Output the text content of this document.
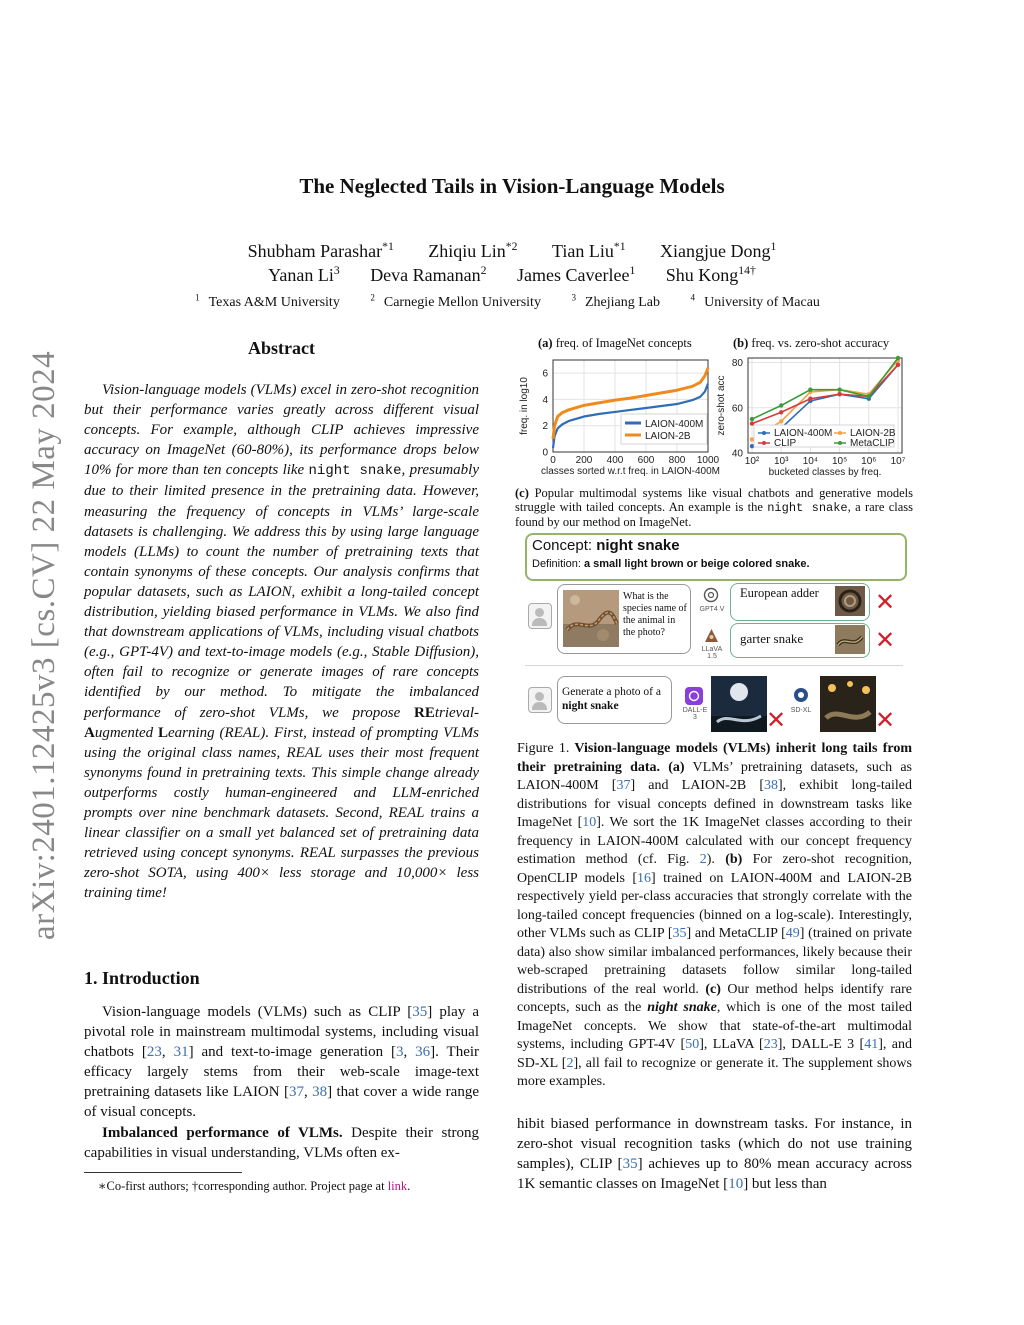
The Neglected Tails in Vision-Language Models
Shubham Parashar$^{*1}$ Zhiqiu Lin$^{*2}$ Tian Liu$^{*1}$ Xiangjue Dong$^1$
Yanan Li$^3$ Deva Ramanan$^2$ James Caverlee$^1$ Shu Kong$^{14\dagger}$
$^1$ Texas A&M University	$^2$ Carnegie Mellon University	$^3$ Zhejiang Lab	$^4$ University of Macau
arXiv:2401.12425v3 [cs.CV] 22 May 2024
Abstract
Vision-language models (VLMs) excel in zero-shot recognition but their performance varies greatly across different visual concepts. For example, although CLIP achieves impressive accuracy on ImageNet (60-80%), its performance drops below 10% for more than ten concepts like night snake, presumably due to their limited presence in the pretraining data. However, measuring the frequency of concepts in VLMs’ large-scale datasets is challenging. We address this by using large language models (LLMs) to count the number of pretraining texts that contain synonyms of these concepts. Our analysis confirms that popular datasets, such as LAION, exhibit a long-tailed concept distribution, yielding biased performance in VLMs. We also find that downstream applications of VLMs, including visual chatbots (e.g., GPT-4V) and text-to-image models (e.g., Stable Diffusion), often fail to recognize or generate images of rare concepts identified by our method. To mitigate the imbalanced performance of zero-shot VLMs, we propose REtrieval-Augmented Learning (REAL). First, instead of prompting VLMs using the original class names, REAL uses their most frequent synonyms found in pretraining texts. This simple change already outperforms costly human-engineered and LLM-enriched prompts over nine benchmark datasets. Second, REAL trains a linear classifier on a small yet balanced set of pretraining data retrieved using concept synonyms. REAL surpasses the previous zero-shot SOTA, using 400× less storage and 10,000× less training time!
1. Introduction

Vision-language models (VLMs) such as CLIP [35] play a pivotal role in mainstream multimodal systems, including visual chatbots [23, 31] and text-to-image generation [3, 36]. Their efficacy largely stems from their web-scale image-text pretraining datasets like LAION [37, 38] that cover a wide range of visual concepts.

Imbalanced performance of VLMs. Despite their strong capabilities in visual understanding, VLMs often ex-

∗Co-first authors; †corresponding author. Project page at link.
(a) freq. of ImageNet concepts	(b) freq. vs. zero-shot accuracy
0
2
4
6
0 200 400 600 800 1000
LAION-400M
LAION-2B
freq. in log10
classes sorted w.r.t freq. in LAION-400M
40
60
80
10² 10³ 10⁴ 10⁵ 10⁶ 10⁷
LAION-400M LAION-2B
CLIP	MetaCLIP
zero-shot acc
bucketed classes by freq.
(c) Popular multimodal systems like visual chatbots and generative models struggle with tailed concepts. An example is the night snake, a rare class found by our method on ImageNet.
Concept: night snake
Definition: a small light brown or beige colored snake.
What is the species name of the animal in the photo?
GPT4 V
European adder ✕
LLaVA 1.5
garter snake	✕
Generate a photo of a night snake	DALL-E 3	✕ SD-XL	✕
Figure 1. Vision-language models (VLMs) inherit long tails from their pretraining data. (a) VLMs’ pretraining datasets, such as LAION-400M [37] and LAION-2B [38], exhibit long-tailed distributions for visual concepts defined in downstream tasks like ImageNet [10]. We sort the 1K ImageNet classes according to their frequency in LAION-400M calculated with our concept frequency estimation method (cf. Fig. 2). (b) For zero-shot recognition, OpenCLIP models [16] trained on LAION-400M and LAION-2B respectively yield per-class accuracies that strongly correlate with the long-tailed concept frequencies (binned on a log-scale). Interestingly, other VLMs such as CLIP [35] and MetaCLIP [49] (trained on private data) also show similar imbalanced performances, likely because their web-scraped pretraining datasets follow similar long-tailed distributions of the real world. (c) Our method helps identify rare concepts, such as the night snake, which is one of the most tailed ImageNet concepts. We show that state-of-the-art multimodal systems, including GPT-4V [50], LLaVA [23], DALL-E 3 [41], and SD-XL [2], all fail to recognize or generate it. The supplement shows more examples.
hibit biased performance in downstream tasks. For instance, in zero-shot visual recognition tasks (which do not use training samples), CLIP [35] achieves up to 80% mean accuracy across 1K semantic classes on ImageNet [10] but less than
